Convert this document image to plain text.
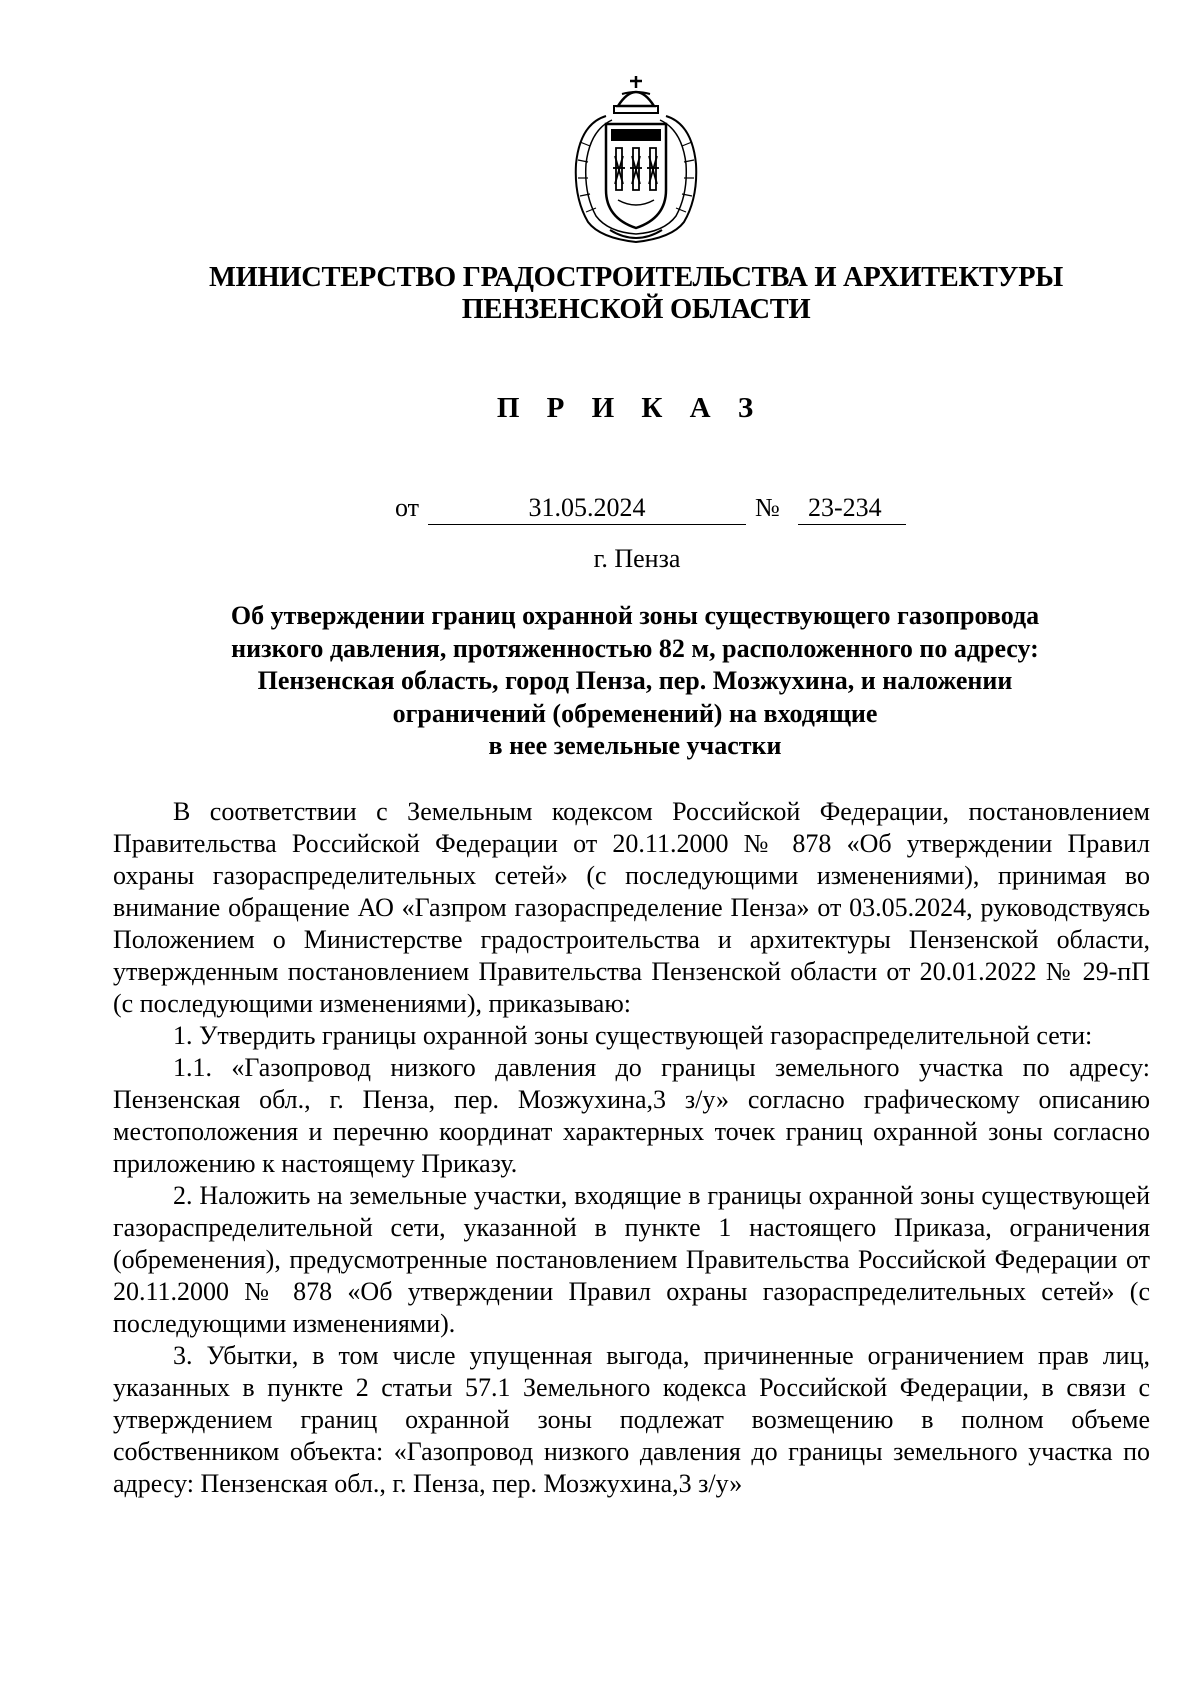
МИНИСТЕРСТВО ГРАДОСТРОИТЕЛЬСТВА И АРХИТЕКТУРЫ
ПЕНЗЕНСКОЙ ОБЛАСТИ
П Р И К А З
от	31.05.2024	№	23-234
г. Пенза
Об утверждении границ охранной зоны существующего газопровода
низкого давления, протяженностью 82 м, расположенного по адресу:
Пензенская область, город Пенза, пер. Мозжухина, и наложении
ограничений (обременений) на входящие
в нее земельные участки

В соответствии с Земельным кодексом Российской Федерации, постановлением Правительства Российской Федерации от 20.11.2000 № 878 «Об утверждении Правил охраны газораспределительных сетей» (с последующими изменениями), принимая во внимание обращение АО «Газпром газораспределение Пенза» от 03.05.2024, руководствуясь Положением о Министерстве градостроительства и архитектуры Пензенской области, утвержденным постановлением Правительства Пензенской области от 20.01.2022 № 29-пП (с последующими изменениями), приказываю:

1. Утвердить границы охранной зоны существующей газораспределительной сети:

1.1. «Газопровод низкого давления до границы земельного участка по адресу: Пензенская обл., г. Пенза, пер. Мозжухина,3 з/у» согласно графическому описанию местоположения и перечню координат характерных точек границ охранной зоны согласно приложению к настоящему Приказу.

2. Наложить на земельные участки, входящие в границы охранной зоны существующей газораспределительной сети, указанной в пункте 1 настоящего Приказа, ограничения (обременения), предусмотренные постановлением Правительства Российской Федерации от 20.11.2000 № 878 «Об утверждении Правил охраны газораспределительных сетей» (с последующими изменениями).

3. Убытки, в том числе упущенная выгода, причиненные ограничением прав лиц, указанных в пункте 2 статьи 57.1 Земельного кодекса Российской Федерации, в связи с утверждением границ охранной зоны подлежат возмещению в полном объеме собственником объекта: «Газопровод низкого давления до границы земельного участка по адресу: Пензенская обл., г. Пенза, пер. Мозжухина,3 з/у»
